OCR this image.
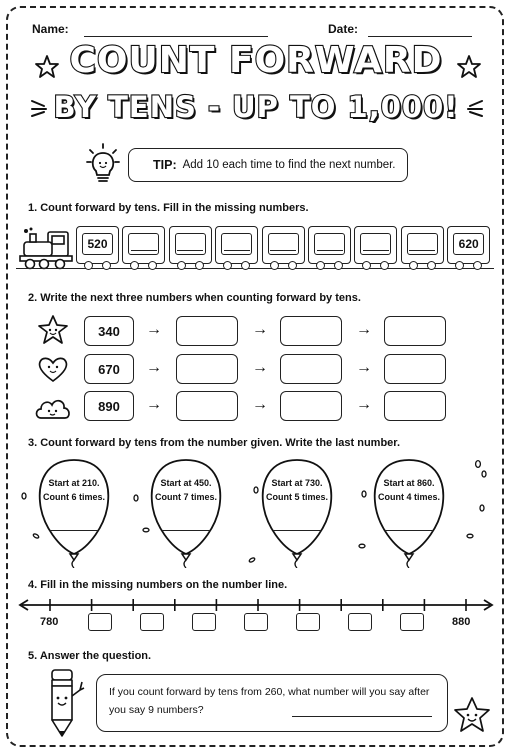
Name:	Date:
COUNT FORWARD
BY TENS - UP TO 1,000!
TIP: Add 10 each time to find the next number.
1. Count forward by tens. Fill in the missing numbers.
520	620
2. Write the next three numbers when counting forward by tens.
340	→	→	→
670	→	→	→
890	→	→	→
3. Count forward by tens from the number given. Write the last number.
Start at 210.
Count 6 times.
Start at 450.
Count 7 times.
Start at 730.
Count 5 times.
Start at 860.
Count 4 times.
4. Fill in the missing numbers on the number line.
780	880
5. Answer the question.
If you count forward by tens from 260, what number will you say after you say 9 numbers?
